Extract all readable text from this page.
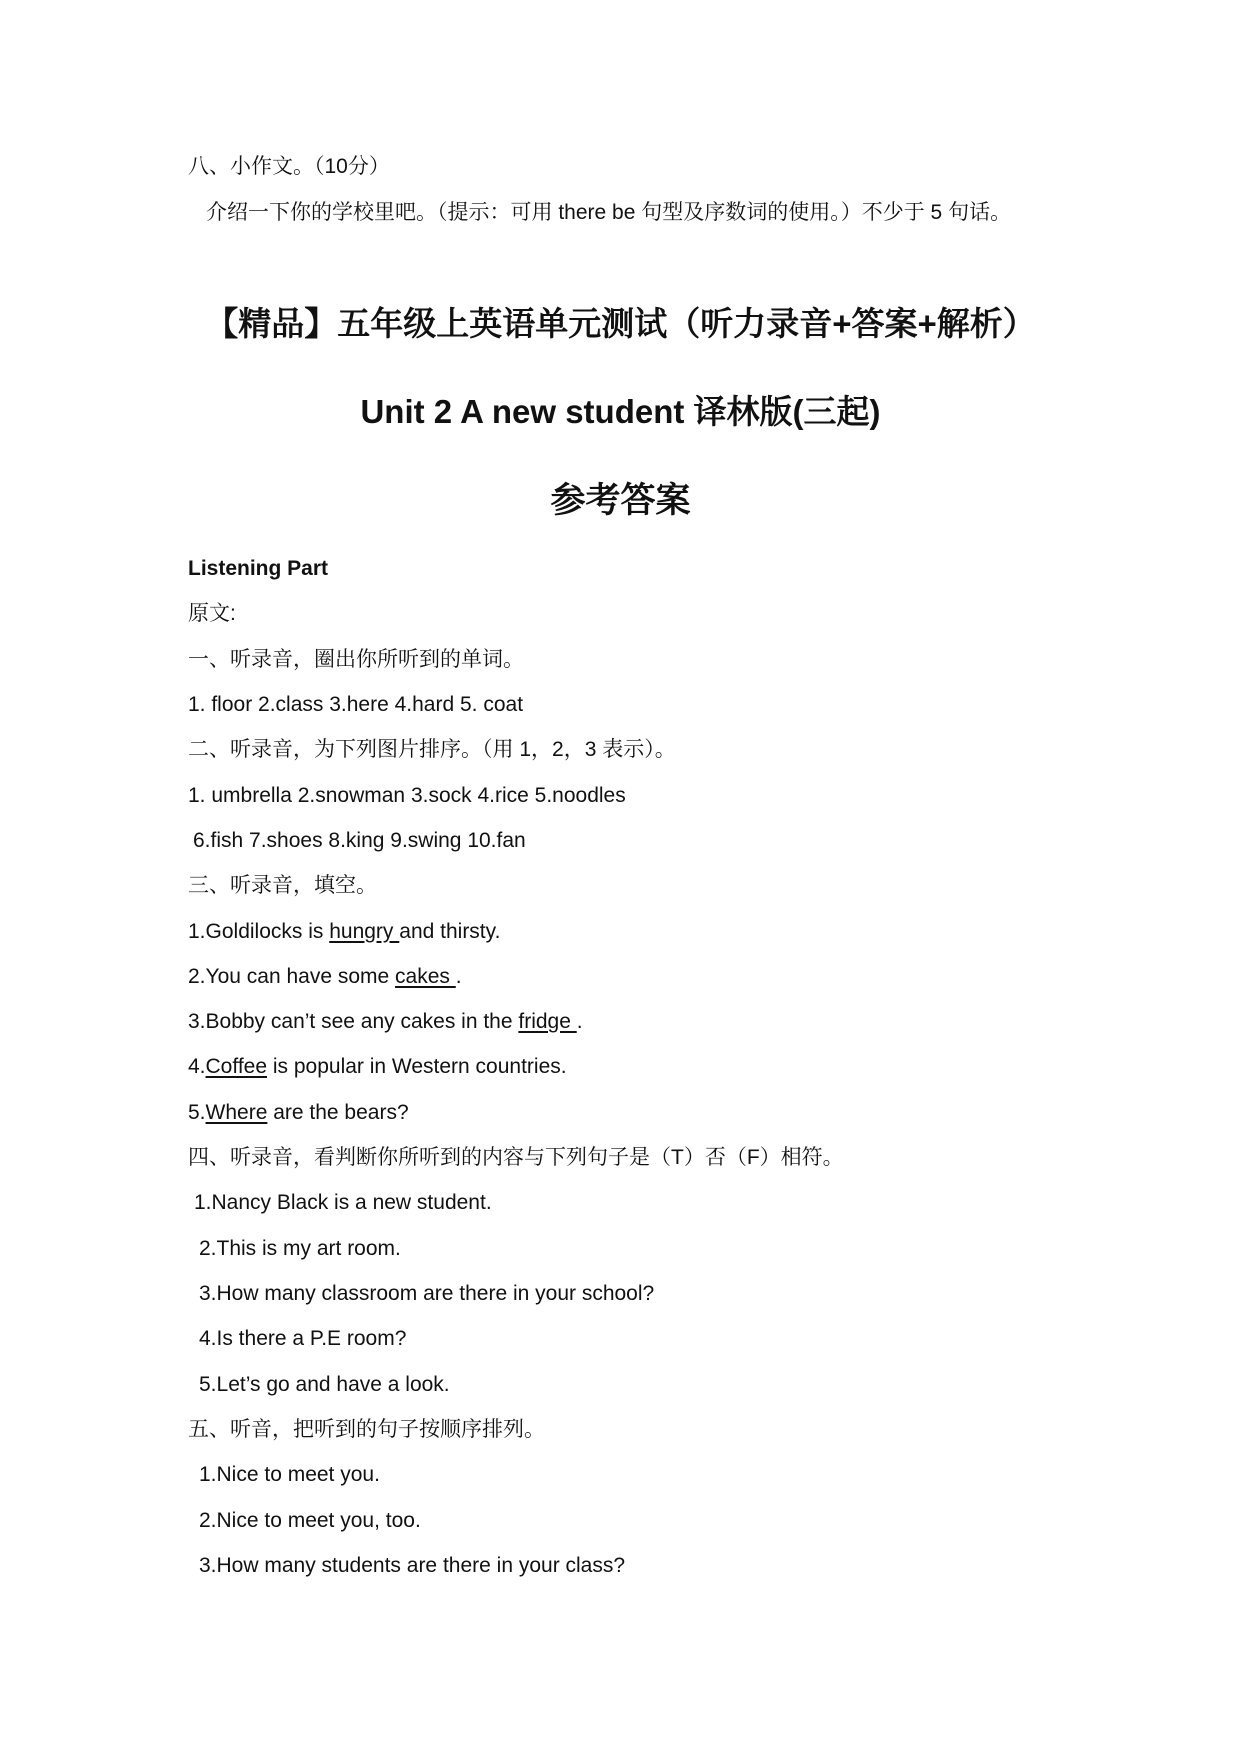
八、小作文。（10分）
介绍一下你的学校里吧。（提示：可用 there be 句型及序数词的使用。）不少于 5 句话。
【精品】五年级上英语单元测试（听力录音+答案+解析）
Unit 2 A new student 译林版(三起)
参考答案
Listening Part
原文:
一、听录音，圈出你所听到的单词。
1. floor 2.class 3.here 4.hard 5. coat
二、听录音，为下列图片排序。（用 1，2，3 表示）。
1. umbrella 2.snowman 3.sock 4.rice 5.noodles
6.fish 7.shoes 8.king 9.swing 10.fan
三、听录音，填空。
1.Goldilocks is hungry and thirsty.
2.You can have some cakes .
3.Bobby can’t see any cakes in the fridge .
4.Coffee is popular in Western countries.
5.Where are the bears?
四、听录音，看判断你所听到的内容与下列句子是（T）否（F）相符。
1.Nancy Black is a new student.
2.This is my art room.
3.How many classroom are there in your school?
4.Is there a P.E room?
5.Let’s go and have a look.
五、听音，把听到的句子按顺序排列。
1.Nice to meet you.
2.Nice to meet you, too.
3.How many students are there in your class?
